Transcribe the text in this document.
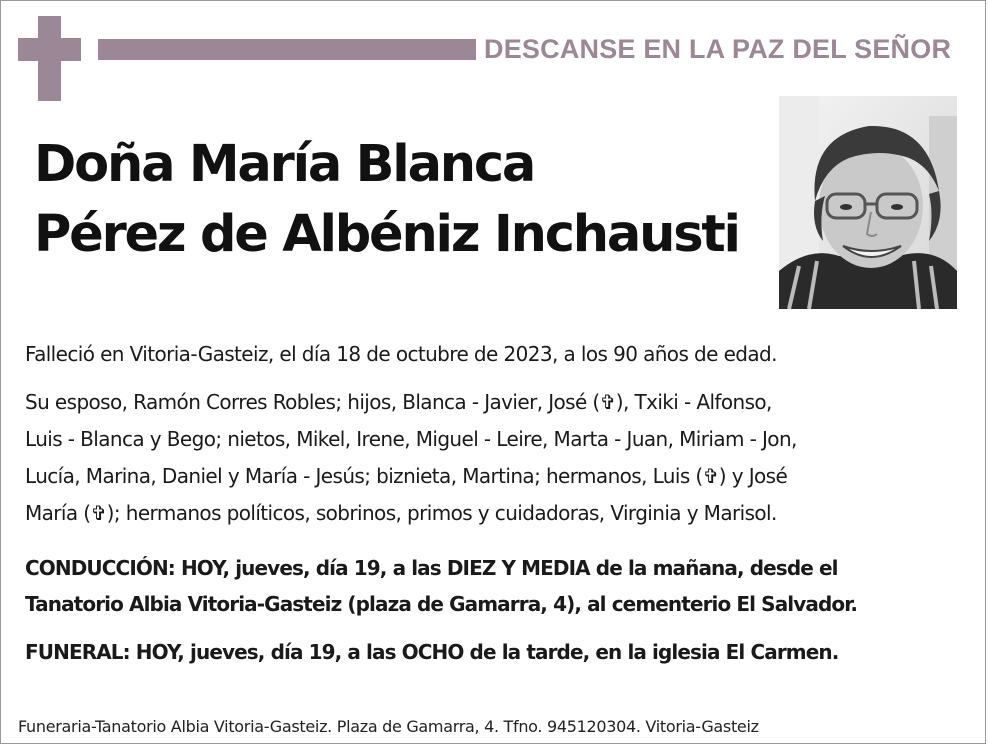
DESCANSE EN LA PAZ DEL SEÑOR
Doña María Blanca
Pérez de Albéniz Inchausti
Falleció en Vitoria-Gasteiz, el día 18 de octubre de 2023, a los 90 años de edad.
Su esposo, Ramón Corres Robles; hijos, Blanca - Javier, José (✞), Txiki - Alfonso,
Luis - Blanca y Bego; nietos, Mikel, Irene, Miguel - Leire, Marta - Juan, Miriam - Jon,
Lucía, Marina, Daniel y María - Jesús; biznieta, Martina; hermanos, Luis (✞) y José
María (✞); hermanos políticos, sobrinos, primos y cuidadoras, Virginia y Marisol.
CONDUCCIÓN: HOY, jueves, día 19, a las DIEZ Y MEDIA de la mañana, desde el
Tanatorio Albia Vitoria-Gasteiz (plaza de Gamarra, 4), al cementerio El Salvador.
FUNERAL: HOY, jueves, día 19, a las OCHO de la tarde, en la iglesia El Carmen.
Funeraria-Tanatorio Albia Vitoria-Gasteiz. Plaza de Gamarra, 4. Tfno. 945120304. Vitoria-Gasteiz
